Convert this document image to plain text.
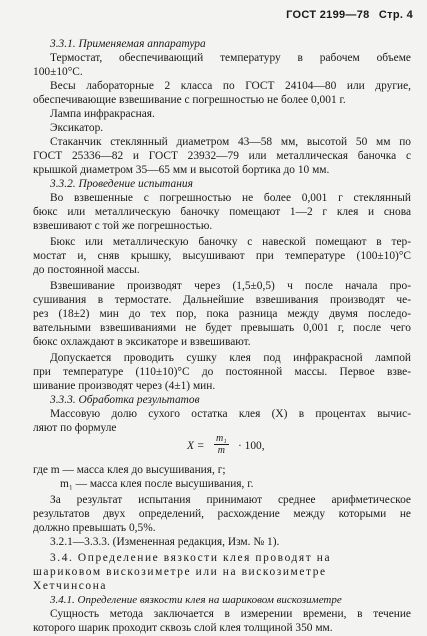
ГОСТ 2199—78 Стр. 4
3.3.1. Применяемая аппаратура
Термостат, обеспечивающий температуру в рабочем объеме
100±10°С.
Весы лабораторные 2 класса по ГОСТ 24104—80 или другие,
обеспечивающие взвешивание с погрешностью не более 0,001 г.
Лампа инфракрасная.
Эксикатор.
Стаканчик стеклянный диаметром 43—58 мм, высотой 50 мм по
ГОСТ 25336—82 и ГОСТ 23932—79 или металлическая баночка с
крышкой диаметром 35—65 мм и высотой бортика до 10 мм.
3.3.2. Проведение испытания
Во взвешенные с погрешностью не более 0,001 г стеклянный
бюкс или металлическую баночку помещают 1—2 г клея и снова
взвешивают с той же погрешностью.
Бюкс или металлическую баночку с навеской помещают в тер-
мостат и, сняв крышку, высушивают при температуре (100±10)°С
до постоянной массы.
Взвешивание производят через (1,5±0,5) ч после начала про-
сушивания в термостате. Дальнейшие взвешивания производят че-
рез (18±2) мин до тех пор, пока разница между двумя последо-
вательными взвешиваниями не будет превышать 0,001 г, после чего
бюкс охлаждают в эксикаторе и взвешивают.
Допускается проводить сушку клея под инфракрасной лампой
при температуре (110±10)°С до постоянной массы. Первое взве-
шивание производят через (4±1) мин.
3.3.3. Обработка результатов
Массовую долю сухого остатка клея (X) в процентах вычис-
ляют по формуле
$X = \frac{\text{m₁}}{m} \cdot 100$,
где m — масса клея до высушивания, г;
m₁ — масса клея после высушивания, г.
За результат испытания принимают среднее арифметическое
результатов двух определений, расхождение между которыми не
должно превышать 0,5%.
3.2.1—3.3.3. (Измененная редакция, Изм. № 1).
3.4. Определение вязкости клея проводят на
шариковом вискозиметре или на вискозиметре
Хетчинсона
3.4.1. Определение вязкости клея на шариковом вискозиметре
Сущность метода заключается в измерении времени, в течение
которого шарик проходит сквозь слой клея толщиной 350 мм.
